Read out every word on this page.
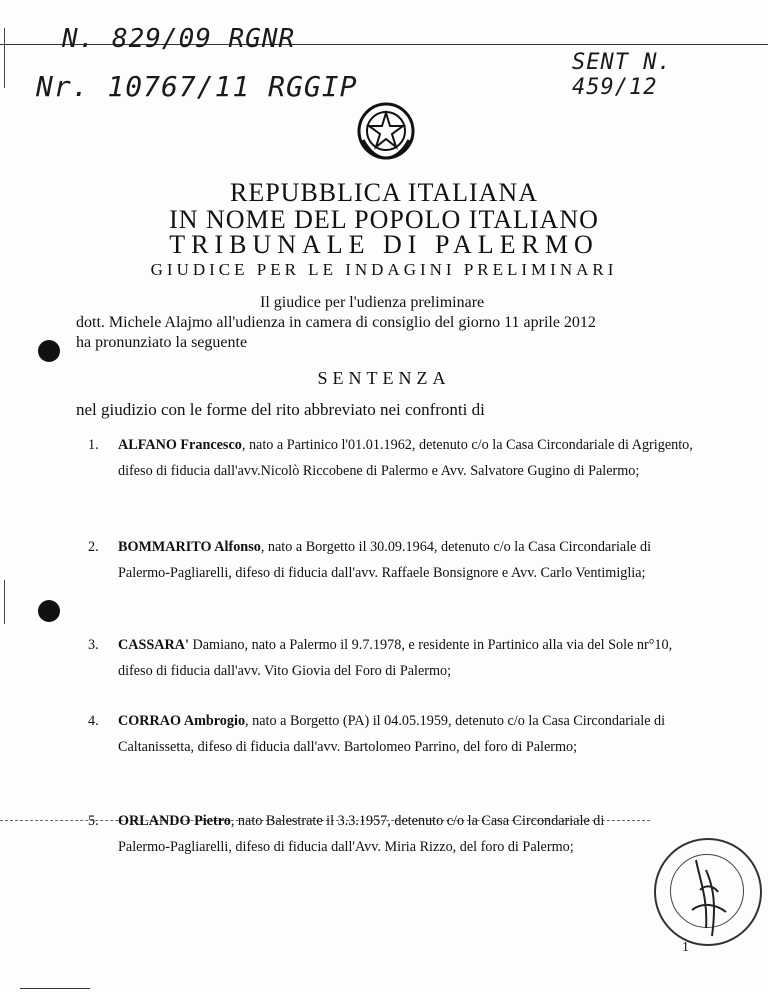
N. 829/09 RGNR
Nr. 10767/11 RGGIP
SENT N. 459/12
REPUBBLICA ITALIANA
IN NOME DEL POPOLO ITALIANO
TRIBUNALE DI PALERMO
GIUDICE PER LE INDAGINI PRELIMINARI
Il giudice per l'udienza preliminare
dott. Michele Alajmo all'udienza in camera di consiglio del giorno 11 aprile 2012
ha pronunziato la seguente
SENTENZA
nel giudizio con le forme del rito abbreviato nei confronti di
1. ALFANO Francesco, nato a Partinico l'01.01.1962, detenuto c/o la Casa Circondariale di Agrigento, difeso di fiducia dall'avv.Nicolò Riccobene di Palermo e Avv. Salvatore Gugino di Palermo;
2. BOMMARITO Alfonso, nato a Borgetto il 30.09.1964, detenuto c/o la Casa Circondariale di Palermo-Pagliarelli, difeso di fiducia dall'avv. Raffaele Bonsignore e Avv. Carlo Ventimiglia;
3. CASSARA' Damiano, nato a Palermo il 9.7.1978, e residente in Partinico alla via del Sole nr°10, difeso di fiducia dall'avv. Vito Giovia del Foro di Palermo;
4. CORRAO Ambrogio, nato a Borgetto (PA) il 04.05.1959, detenuto c/o la Casa Circondariale di Caltanissetta, difeso di fiducia dall'avv. Bartolomeo Parrino, del foro di Palermo;
5. ORLANDO Pietro, nato Balestrate il 3.3.1957, detenuto c/o la Casa Circondariale di Palermo-Pagliarelli, difeso di fiducia dall'Avv. Miria Rizzo, del foro di Palermo;
1
